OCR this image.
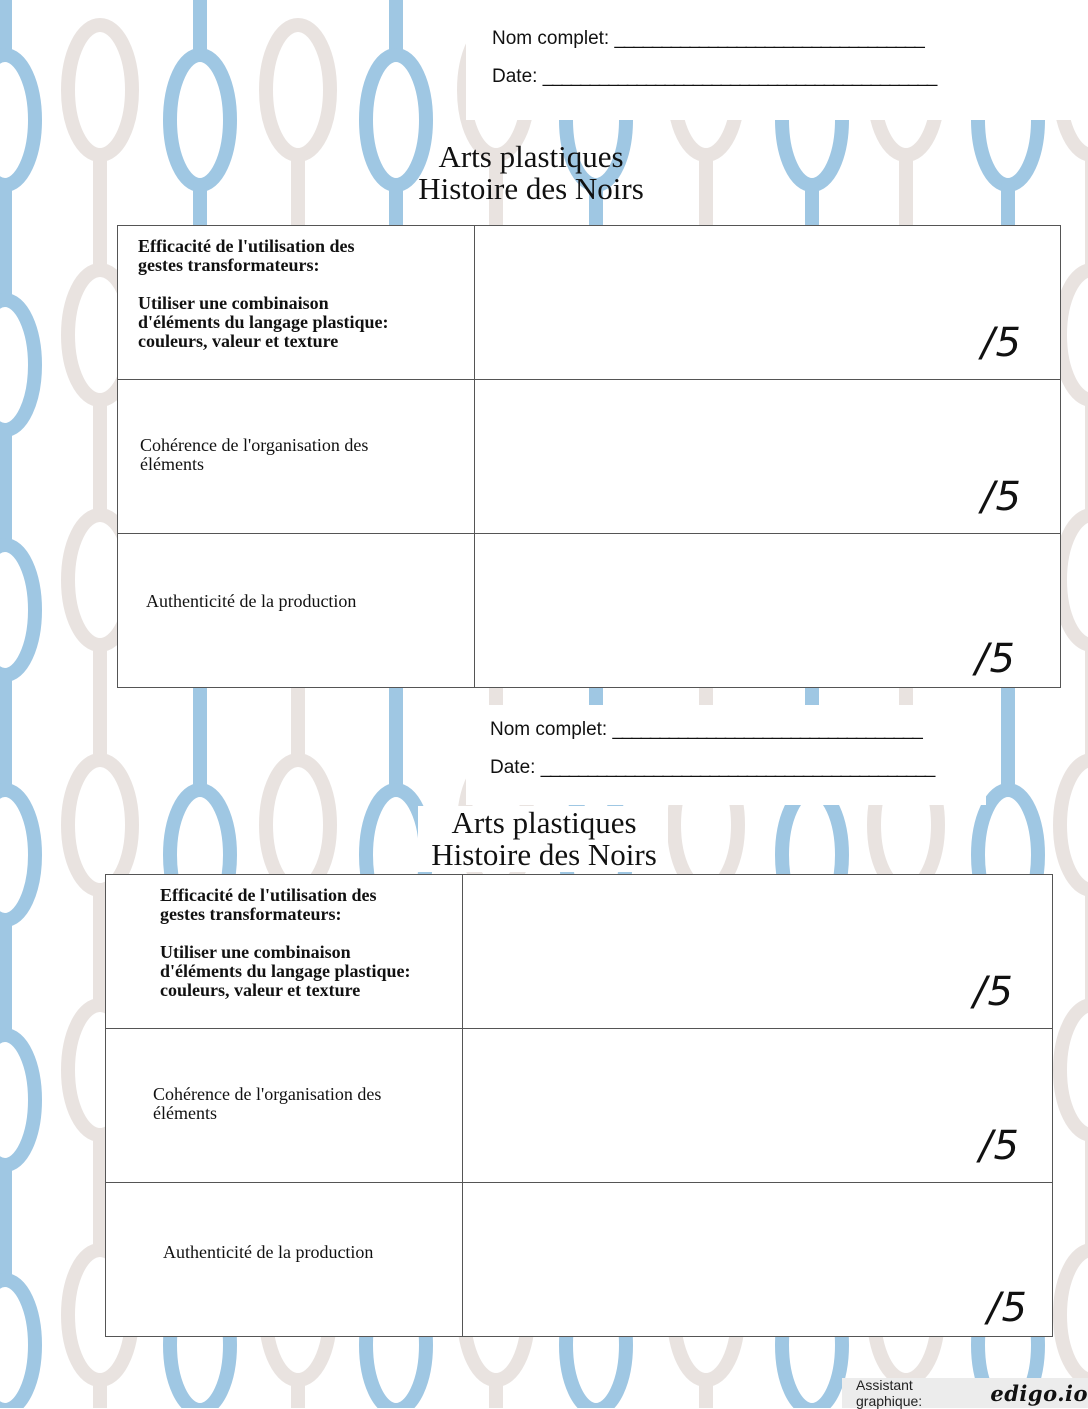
Nom complet: _________________________________
Date: __________________________________________
Arts plastiques
Histoire des Noirs

Efficacité de l'utilisation des

gestes transformateurs:

Utiliser une combinaison

d'éléments du langage plastique:

couleurs, valeur et texture	/5

Cohérence de l'organisation des

éléments	/5

Authenticité de la production	/5
Nom complet: _________________________________
Date: __________________________________________
Arts plastiques
Histoire des Noirs

Efficacité de l'utilisation des

gestes transformateurs:

Utiliser une combinaison

d'éléments du langage plastique:

couleurs, valeur et texture	/5

Cohérence de l'organisation des

éléments	/5

Authenticité de la production	/5
Assistant graphique:	edigo.io
